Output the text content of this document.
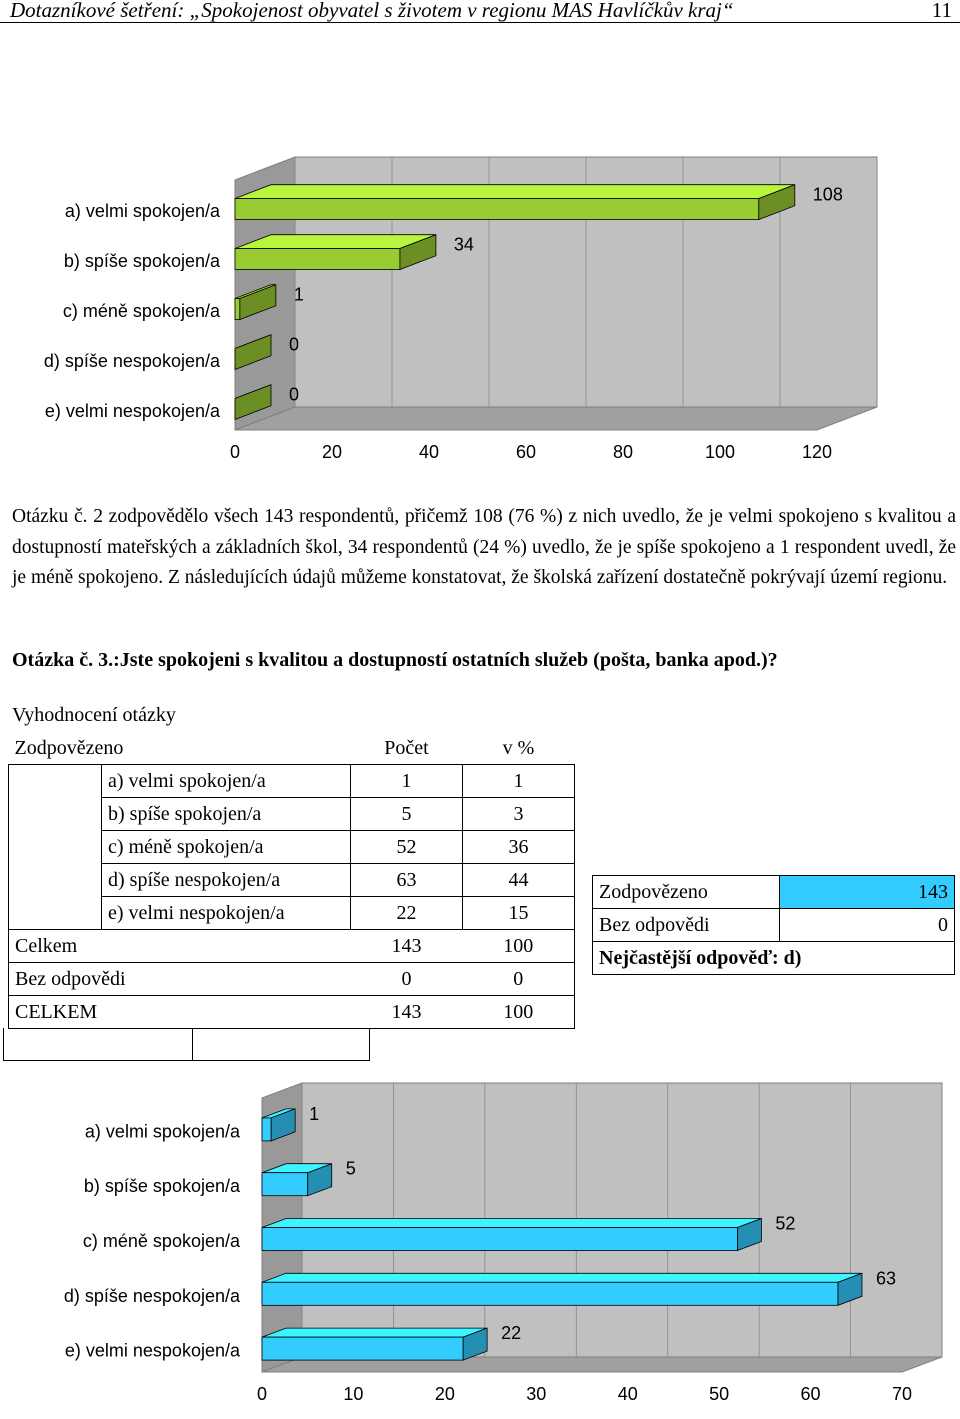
Dotazníkové šetření: „Spokojenost obyvatel s životem v regionu MAS Havlíčkův kraj“	11
0	20	40	60	80	100	120
a) velmi spokojen/a
108
b) spíše spokojen/a
34
c) méně spokojen/a
1
d) spíše nespokojen/a
0
e) velmi nespokojen/a
0
Otázku č. 2 zodpovědělo všech 143 respondentů, přičemž 108 (76 %) z nich uvedlo, že je velmi spokojeno s kvalitou a dostupností mateřských a základních škol, 34 respondentů (24 %) uvedlo, že je spíše spokojeno a 1 respondent uvedl, že je méně spokojeno. Z následujících údajů můžeme konstatovat, že školská zařízení dostatečně pokrývají území regionu.
Otázka č. 3.:Jste spokojeni s kvalitou a dostupností ostatních služeb (pošta, banka apod.)?
Vyhodnocení otázky
Zodpovězeno		Počet	v %
	a) velmi spokojen/a	1	1
	b) spíše spokojen/a	5	3
	c) méně spokojen/a	52	36
	d) spíše nespokojen/a	63	44
	e) velmi nespokojen/a	22	15
Celkem		143	100
Bez odpovědi		0	0
CELKEM		143	100
Zodpovězeno	143
Bez odpovědi	0
Nejčastější odpověď: d)	
0	10	20	30	40	50	60	70
a) velmi spokojen/a
1
b) spíše spokojen/a
5
c) méně spokojen/a
52
d) spíše nespokojen/a
63
e) velmi nespokojen/a
22
